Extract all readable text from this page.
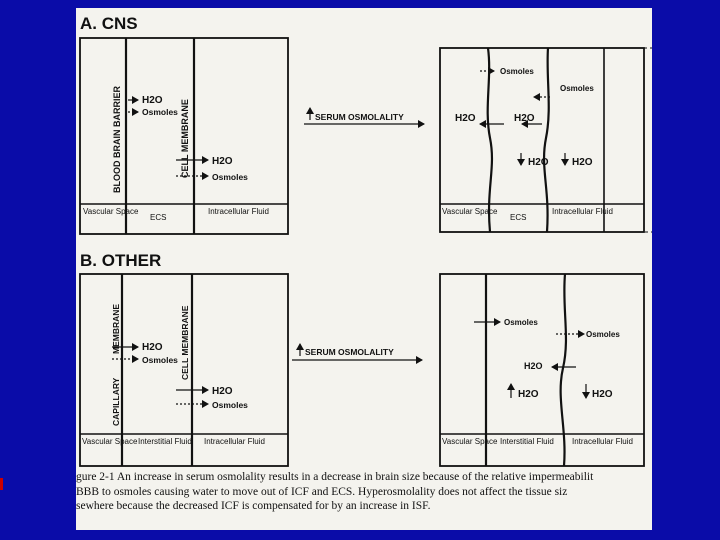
A. CNS
B. OTHER
BLOOD BRAIN BARRIER	CELL MEMBRANE
H2O
Osmoles
H2O
Osmoles
Vascular Space
ECS
Intracellular Fluid
SERUM OSMOLALITY
Osmoles
Osmoles
H2O	H2O
H2O H2O
Vascular Space
ECS
Intracellular Fluid
CAPILLARY
MEMBRANE	CELL MEMBRANE
H2O
Osmoles
H2O
Osmoles
Vascular Space Interstitial Fluid Intracellular Fluid
SERUM OSMOLALITY
Osmoles
Osmoles
H2O
H2O	H2O
Vascular Space Interstitial Fluid Intracellular Fluid
gure 2-1 An increase in serum osmolality results in a decrease in brain size because of the relative impermeabilit
BBB to osmoles causing water to move out of ICF and ECS. Hyperosmolality does not affect the tissue siz
sewhere because the decreased ICF is compensated for by an increase in ISF.
